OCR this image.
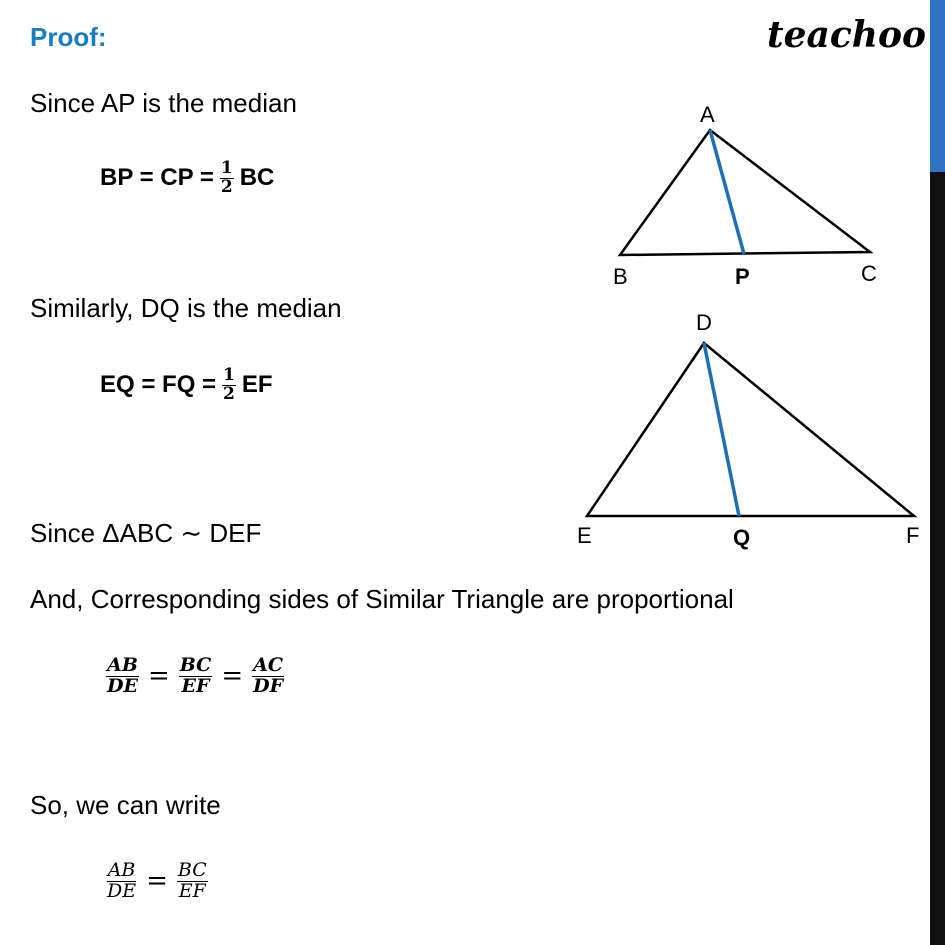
Proof:	teachoo
Since AP is the median
BP = CP = $\frac{1}{2}$ BC
Similarly, DQ is the median
EQ = FQ = $\frac{1}{2}$ EF
Since ΔABC ∼ DEF
And, Corresponding sides of Similar Triangle are proportional
$\frac{AB}{DE} = \frac{BC}{EF} = \frac{AC}{DF}$
So, we can write
$\frac{AB}{DE} = \frac{BC}{EF}$
A
B	C
P
D
E	F
Q
